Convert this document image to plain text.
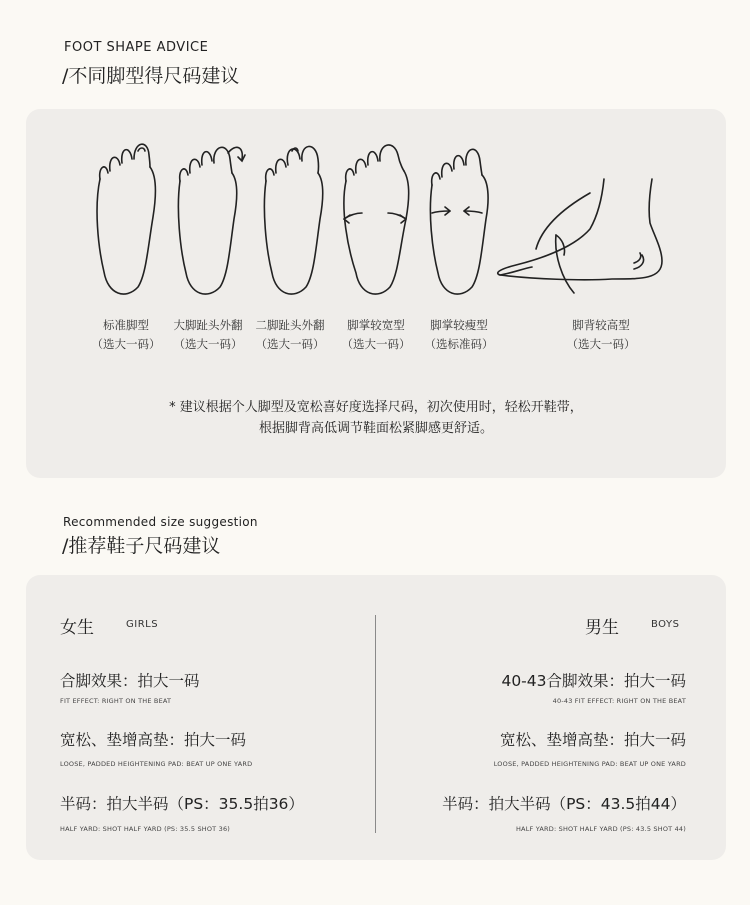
FOOT SHAPE ADVICE
/不同脚型得尺码建议
标准脚型
（选大一码）
大脚趾头外翻
（选大一码）
二脚趾头外翻
（选大一码）
脚掌较宽型
（选大一码）
脚掌较瘦型
（选标准码）
脚背较高型
（选大一码）
* 建议根据个人脚型及宽松喜好度选择尺码，初次使用时，轻松开鞋带，
根据脚背高低调节鞋面松紧脚感更舒适。
Recommended size suggestion
/推荐鞋子尺码建议
女生	GIRLS
合脚效果：拍大一码
FIT EFFECT: RIGHT ON THE BEAT
宽松、垫增高垫：拍大一码
LOOSE, PADDED HEIGHTENING PAD: BEAT UP ONE YARD
半码：拍大半码（PS：35.5拍36）
HALF YARD: SHOT HALF YARD (PS: 35.5 SHOT 36)
男生	BOYS
40-43合脚效果：拍大一码
40-43 FIT EFFECT: RIGHT ON THE BEAT
宽松、垫增高垫：拍大一码
LOOSE, PADDED HEIGHTENING PAD: BEAT UP ONE YARD
半码：拍大半码（PS：43.5拍44）
HALF YARD: SHOT HALF YARD (PS: 43.5 SHOT 44)
